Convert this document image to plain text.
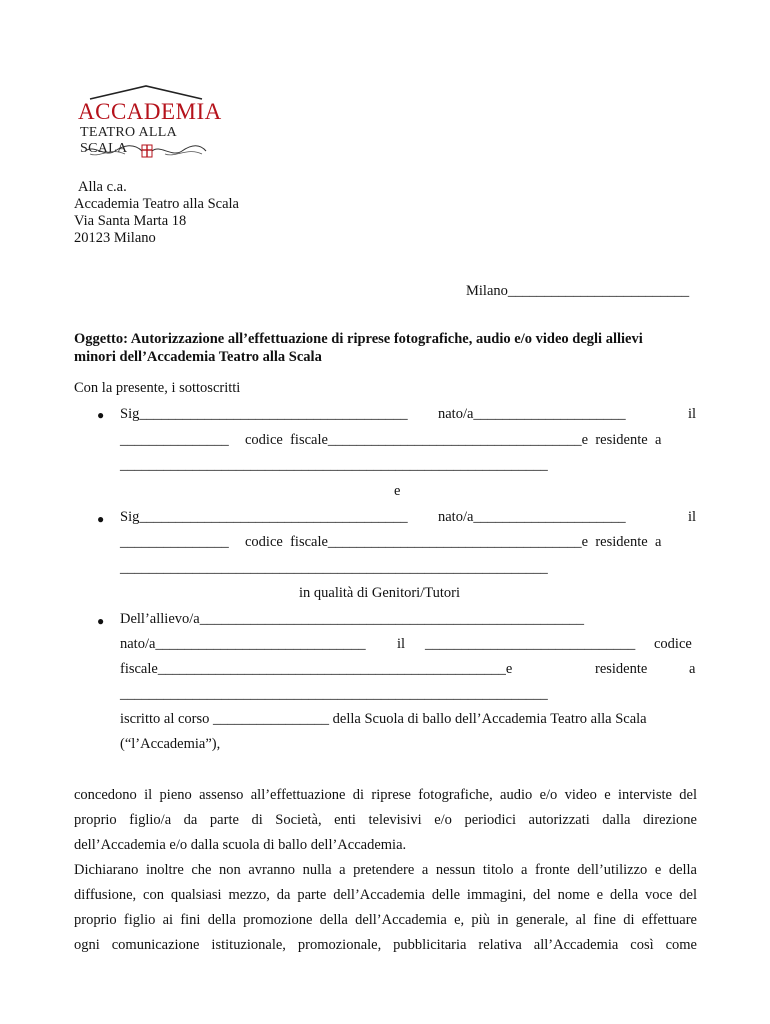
ACCADEMIA
TEATRO ALLA SCALA
Alla c.a.
Accademia Teatro alla Scala
Via Santa Marta 18
20123 Milano
Milano_________________________
Oggetto: Autorizzazione all’effettuazione di riprese fotografiche, audio e/o video degli allievi
minori dell’Accademia Teatro alla Scala
Con la presente, i sottoscritti
● Sig_____________________________________ nato/a_____________________	il
_______________ codice  fiscale___________________________________e  residente  a
___________________________________________________________
e
● Sig_____________________________________ nato/a_____________________	il
_______________ codice  fiscale___________________________________e  residente  a
___________________________________________________________
in qualità di Genitori/Tutori
● Dell’allievo/a_____________________________________________________
nato/a_____________________________ il _____________________________ codice
fiscale________________________________________________e	residente	a
___________________________________________________________
iscritto al corso ________________ della Scuola di ballo dell’Accademia Teatro alla Scala
(“l’Accademia”),
concedono il pieno assenso all’effettuazione di riprese fotografiche, audio e/o video e interviste del
proprio figlio/a da parte di Società, enti televisivi e/o periodici autorizzati dalla direzione
dell’Accademia e/o dalla scuola di ballo dell’Accademia.
Dichiarano inoltre che non avranno nulla a pretendere a nessun titolo a fronte dell’utilizzo e della
diffusione, con qualsiasi mezzo, da parte dell’Accademia delle immagini, del nome e della voce del
proprio figlio ai fini della promozione della dell’Accademia e, più in generale, al fine di effettuare
ogni comunicazione istituzionale, promozionale, pubblicitaria relativa all’Accademia così come
